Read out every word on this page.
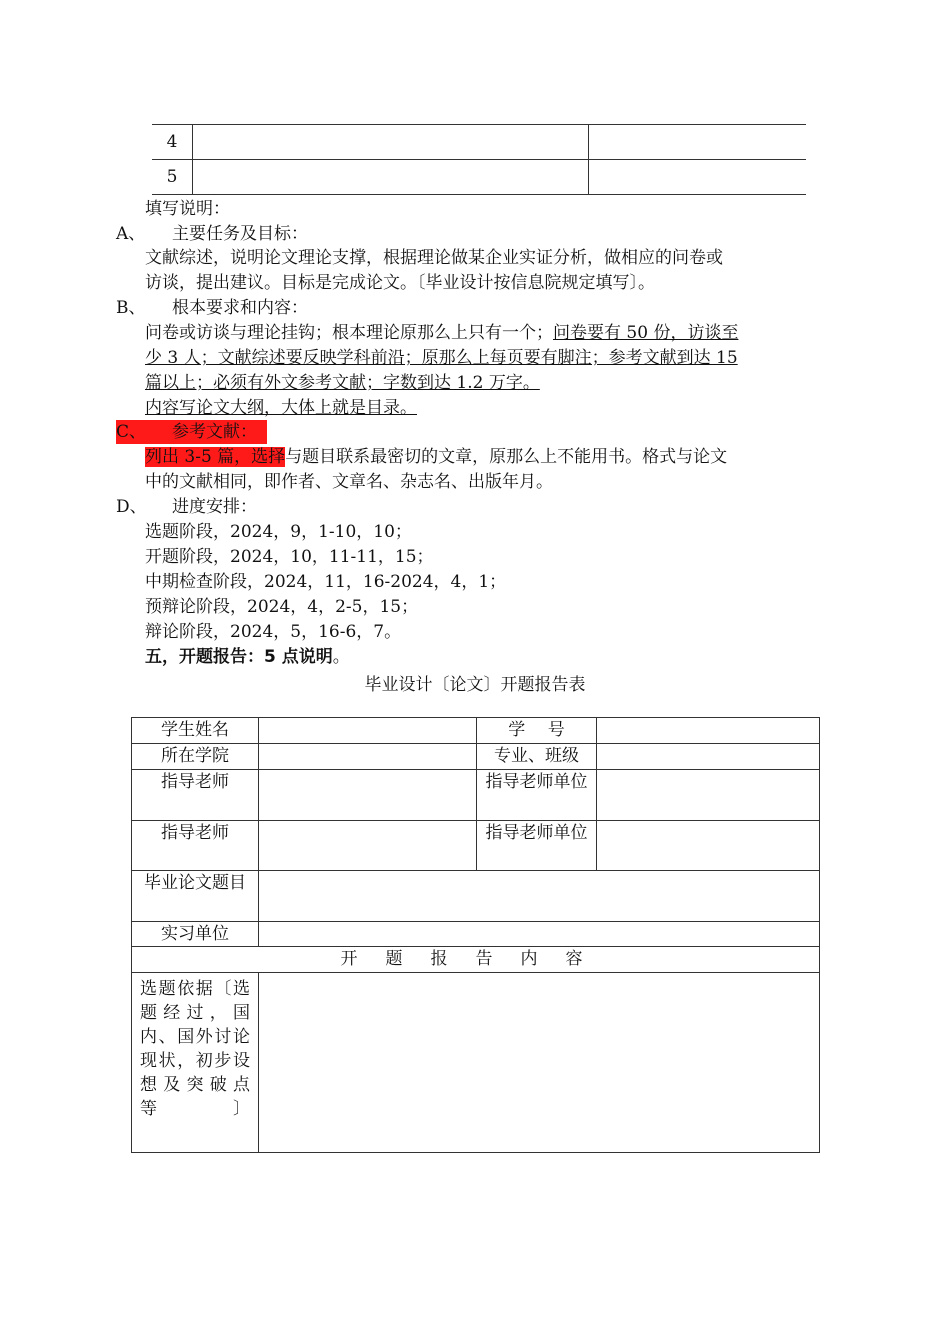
4		
5		
填写说明：
A、 主要任务及目标：
文献综述，说明论文理论支撑，根据理论做某企业实证分析，做相应的问卷或
访谈，提出建议。目标是完成论文。〔毕业设计按信息院规定填写〕。
B、 根本要求和内容：
问卷或访谈与理论挂钩；根本理论原那么上只有一个；问卷要有 50 份，访谈至
少 3 人；文献综述要反映学科前沿；原那么上每页要有脚注；参考文献到达 15
篇以上；必须有外文参考文献；字数到达 1.2 万字。
内容写论文大纲，大体上就是目录。
C、	参考文献：
列出 3-5 篇，选择与题目联系最密切的文章，原那么上不能用书。格式与论文
中的文献相同，即作者、文章名、杂志名、出版年月。
D、 进度安排：
选题阶段，2024，9，1-10，10；
开题阶段，2024，10，11-11，15；
中期检查阶段，2024，11，16-2024，4，1；
预辩论阶段，2024，4，2-5，15；
辩论阶段，2024，5，16-6，7。
五，开题报告：5 点说明。
毕业设计〔论文〕开题报告表
学生姓名		学　 号	
所在学院		专业、班级	
指导老师		指导老师单位	
指导老师		指导老师单位	
毕业论文题目			
实习单位			
开题报告内容			
选题依据〔选题经过，国内、国外讨论现状，初步设想及突破点等〕			
